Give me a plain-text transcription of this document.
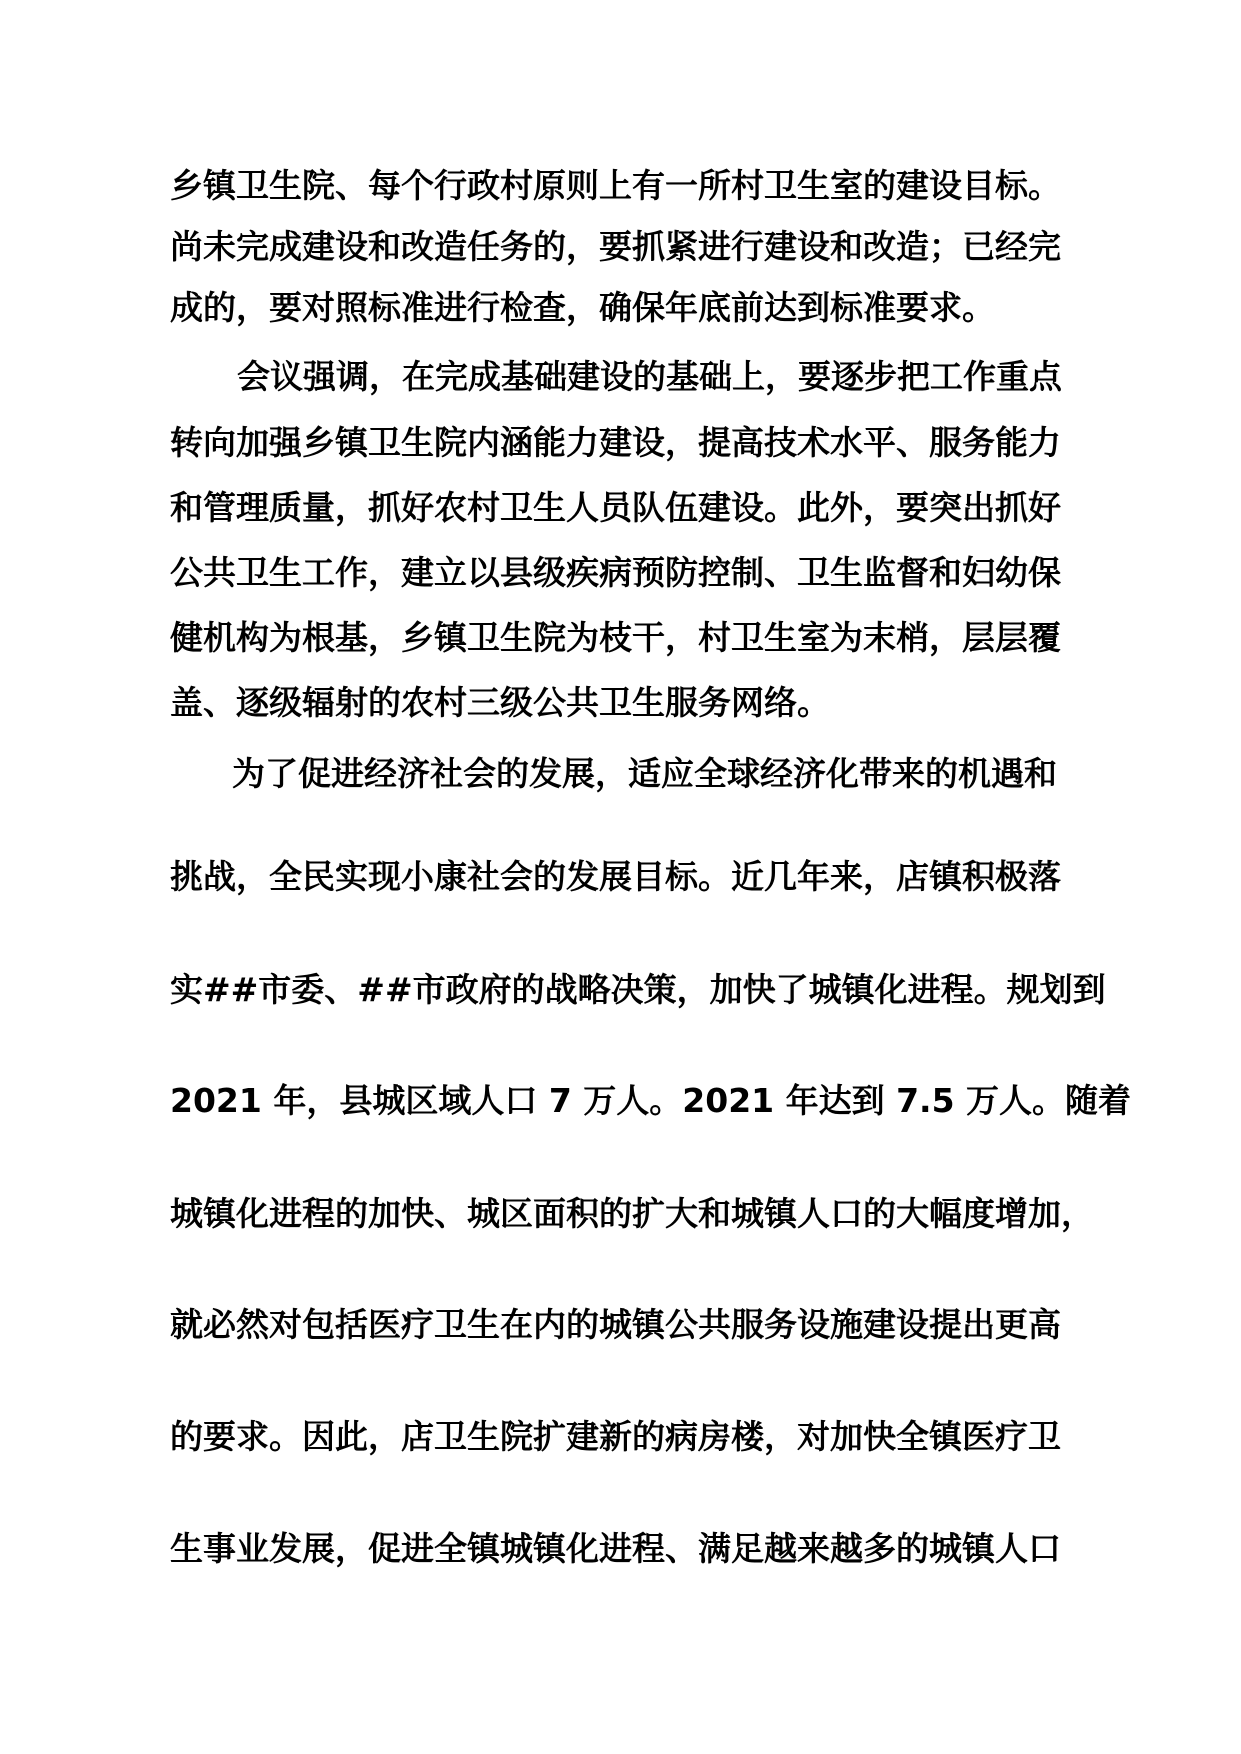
乡镇卫生院、每个行政村原则上有一所村卫生室的建设目标。
尚未完成建设和改造任务的，要抓紧进行建设和改造；已经完
成的，要对照标准进行检查，确保年底前达到标准要求。
会议强调，在完成基础建设的基础上，要逐步把工作重点
转向加强乡镇卫生院内涵能力建设，提高技术水平、服务能力
和管理质量，抓好农村卫生人员队伍建设。此外，要突出抓好
公共卫生工作，建立以县级疾病预防控制、卫生监督和妇幼保
健机构为根基，乡镇卫生院为枝干，村卫生室为末梢，层层覆
盖、逐级辐射的农村三级公共卫生服务网络。
为了促进经济社会的发展，适应全球经济化带来的机遇和
挑战，全民实现小康社会的发展目标。近几年来，店镇积极落
实##市委、##市政府的战略决策，加快了城镇化进程。规划到
2021 年，县城区域人口 7 万人。2021 年达到 7.5 万人。随着
城镇化进程的加快、城区面积的扩大和城镇人口的大幅度增加，
就必然对包括医疗卫生在内的城镇公共服务设施建设提出更高
的要求。因此，店卫生院扩建新的病房楼，对加快全镇医疗卫
生事业发展，促进全镇城镇化进程、满足越来越多的城镇人口
